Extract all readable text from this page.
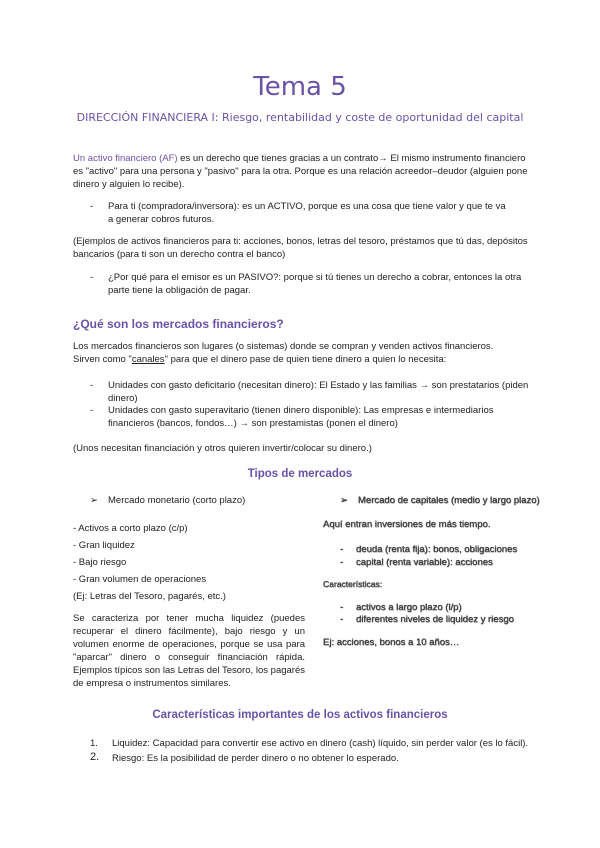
Tema 5
DIRECCIÓN FINANCIERA I: Riesgo, rentabilidad y coste de oportunidad del capital
Un activo financiero (AF) es un derecho que tienes gracias a un contrato→ El mismo instrumento financiero es "activo" para una persona y "pasivo" para la otra. Porque es una relación acreedor–deudor (alguien pone dinero y alguien lo recibe).
- Para ti (compradora/inversora): es un ACTIVO, porque es una cosa que tiene valor y que te va a generar cobros futuros.
(Ejemplos de activos financieros para ti: acciones, bonos, letras del tesoro, préstamos que tú das, depósitos bancarios (para ti son un derecho contra el banco)
- ¿Por qué para el emisor es un PASIVO?: porque si tú tienes un derecho a cobrar, entonces la otra parte tiene la obligación de pagar.
¿Qué son los mercados financieros?
Los mercados financieros son lugares (o sistemas) donde se compran y venden activos financieros.
Sirven como "canales" para que el dinero pase de quien tiene dinero a quien lo necesita:
- Unidades con gasto deficitario (necesitan dinero): El Estado y las familias → son prestatarios (piden dinero)
- Unidades con gasto superavitario (tienen dinero disponible): Las empresas e intermediarios financieros (bancos, fondos…) → son prestamistas (ponen el dinero)
(Unos necesitan financiación y otros quieren invertir/colocar su dinero.)
Tipos de mercados
➢ Mercado monetario (corto plazo)
- Activos a corto plazo (c/p)
- Gran liquidez
- Bajo riesgo
- Gran volumen de operaciones
(Ej: Letras del Tesoro, pagarés, etc.)
Se caracteriza por tener mucha liquidez (puedes recuperar el dinero fácilmente), bajo riesgo y un volumen enorme de operaciones, porque se usa para "aparcar" dinero o conseguir financiación rápida. Ejemplos típicos son las Letras del Tesoro, los pagarés de empresa o instrumentos similares.
➢ Mercado de capitales (medio y largo plazo)
Aquí entran inversiones de más tiempo.
- deuda (renta fija): bonos, obligaciones
- capital (renta variable): acciones
Características:
- activos a largo plazo (l/p)
- diferentes niveles de liquidez y riesgo
Ej: acciones, bonos a 10 años…
Características importantes de los activos financieros
1. Liquidez: Capacidad para convertir ese activo en dinero (cash) líquido, sin perder valor (es lo fácil).
2. Riesgo: Es la posibilidad de perder dinero o no obtener lo esperado.
